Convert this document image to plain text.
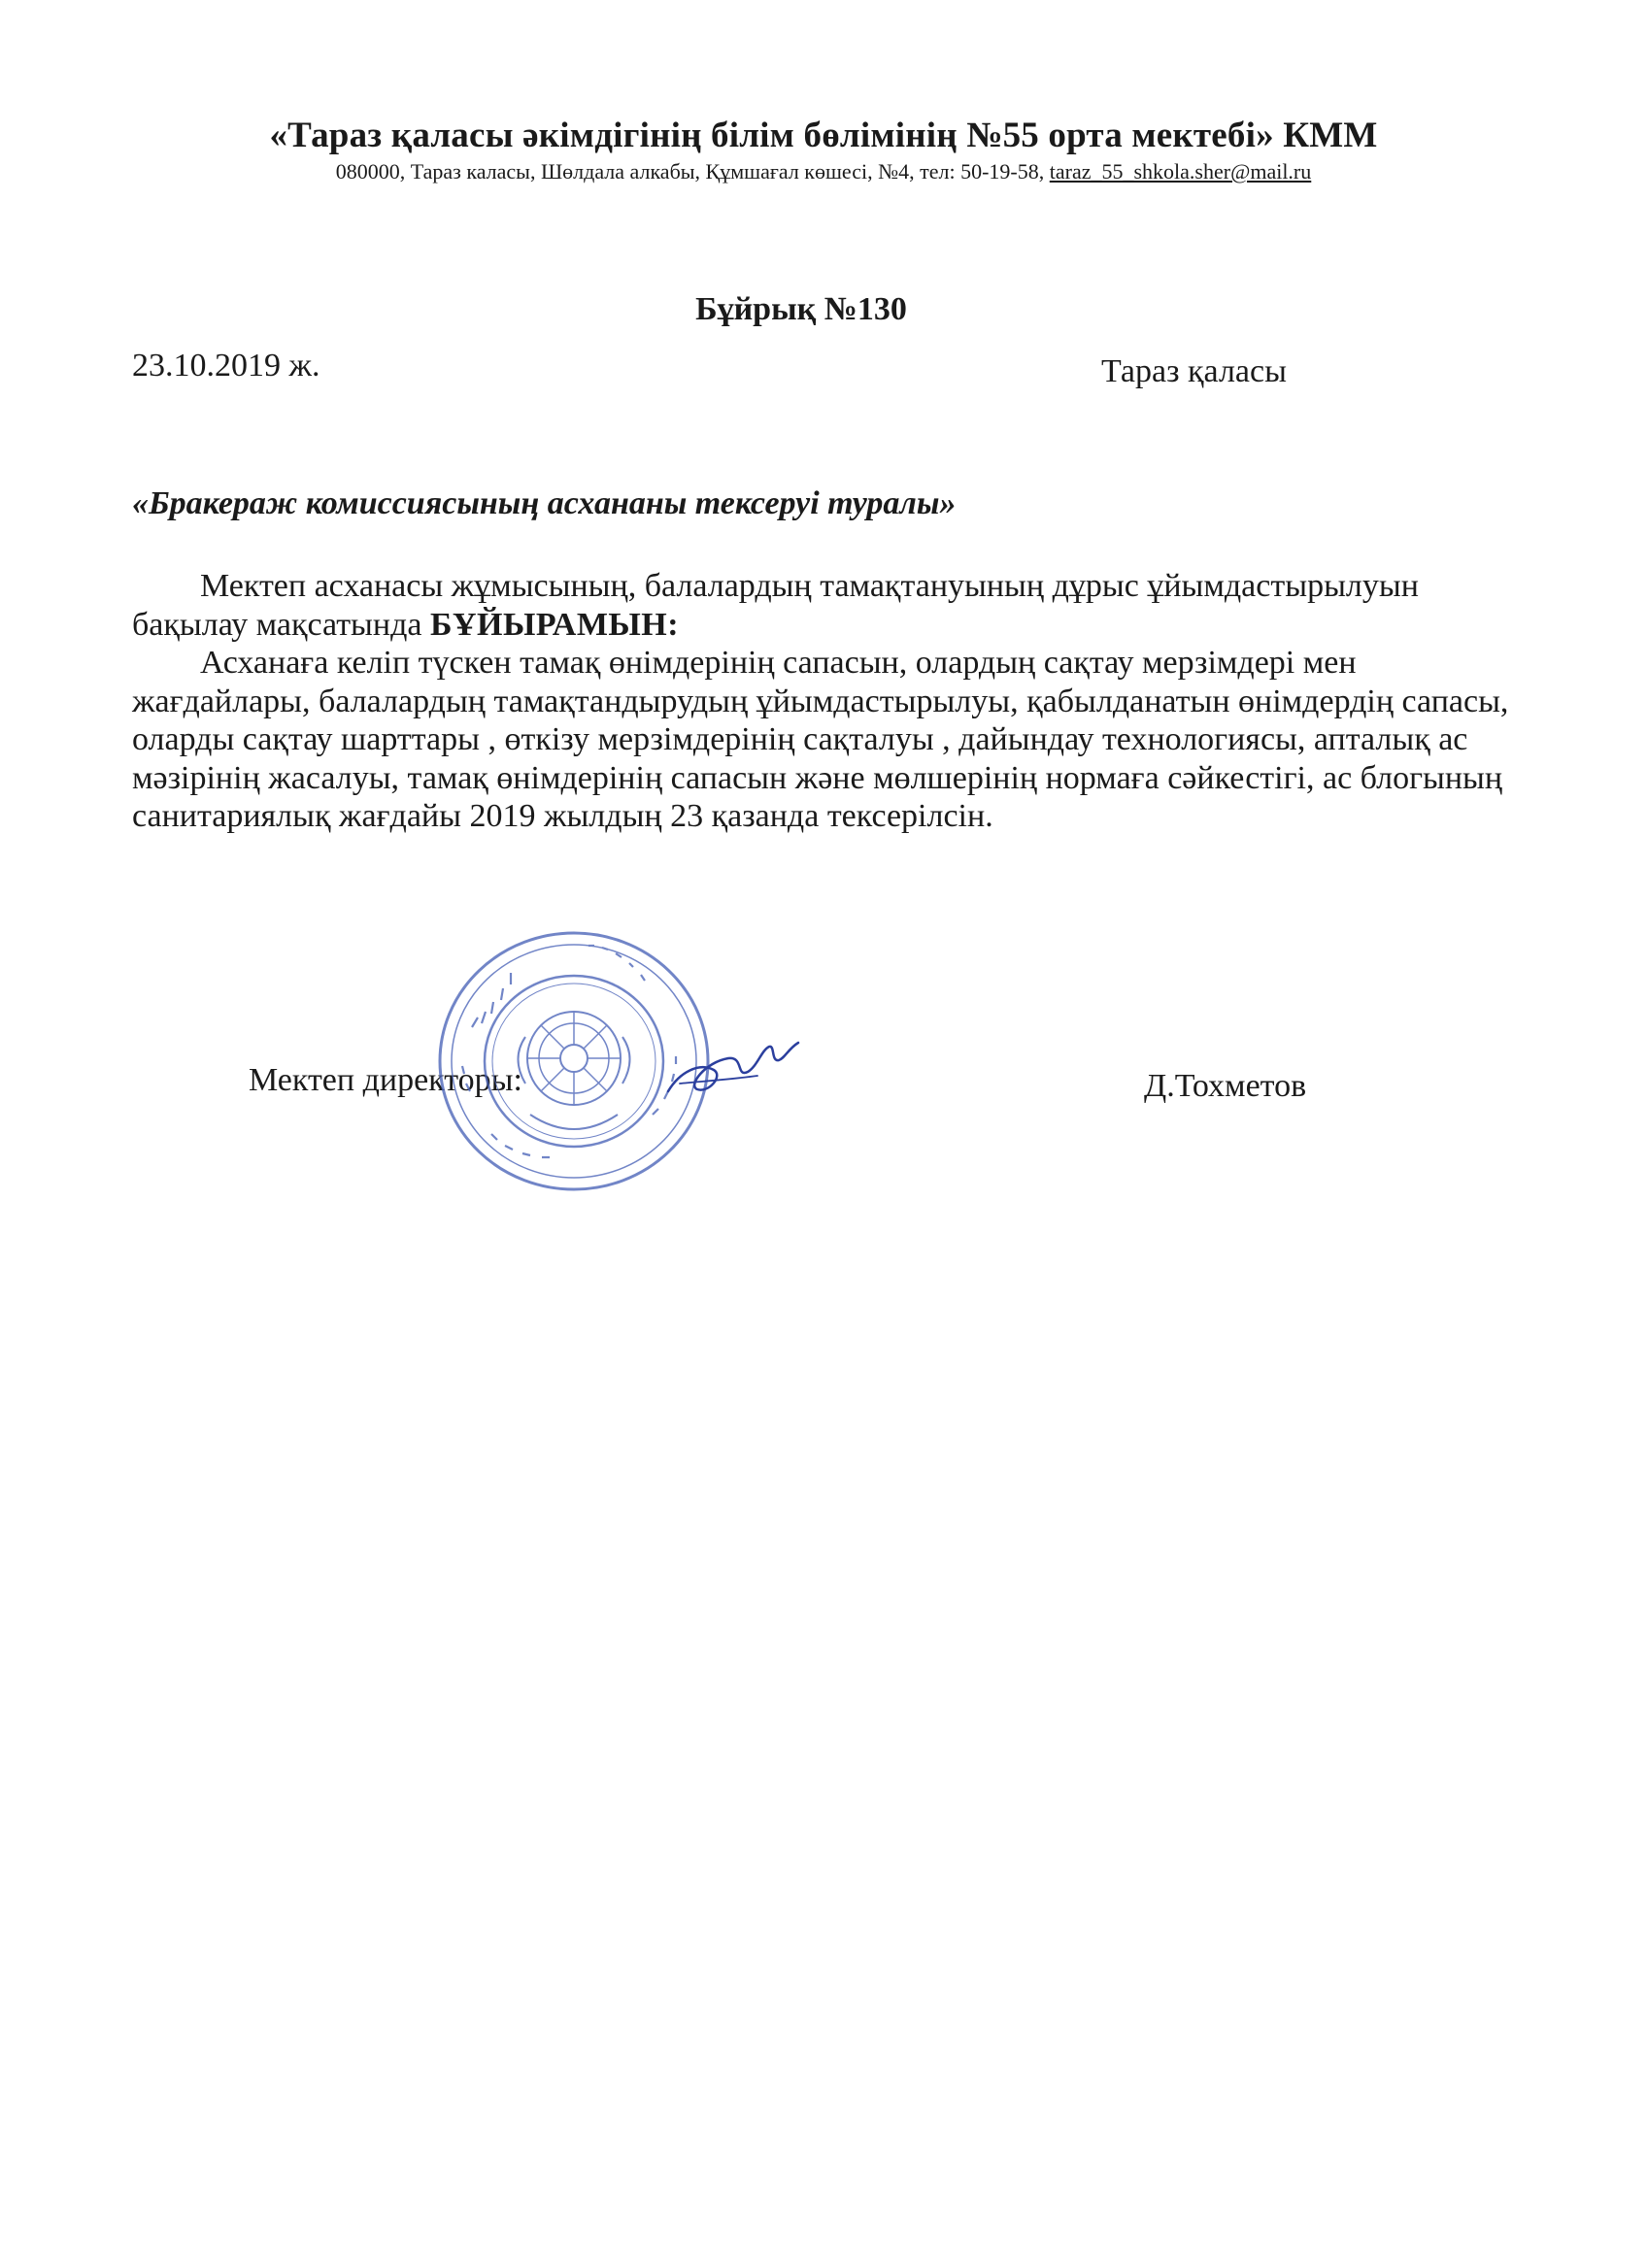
«Тараз қаласы әкімдігінің білім бөлімінің №55 орта мектебі» КММ
080000, Тараз каласы, Шөлдала алкабы, Құмшағал көшесі, №4, тел: 50-19-58, taraz_55_shkola.sher@mail.ru
Бұйрық №130
23.10.2019 ж.	Тараз қаласы
«Бракераж комиссиясының асхананы тексеруі туралы»

Мектеп асханасы жұмысының, балалардың тамақтануының дұрыс ұйымдастырылуын бақылау мақсатында БҰЙЫРАМЫН:

Асханаға келіп түскен тамақ өнімдерінің сапасын, олардың сақтау мерзімдері мен жағдайлары, балалардың тамақтандырудың ұйымдастырылуы, қабылданатын өнімдердің сапасы, оларды сақтау шарттары , өткізу мерзімдерінің сақталуы , дайындау технологиясы, апталық ас мәзірінің жасалуы, тамақ өнімдерінің сапасын және мөлшерінің нормаға сәйкестігі, ас блогының санитариялық жағдайы 2019 жылдың 23 қазанда тексерілсін.

Мектеп директоры:	Д.Тохметов
